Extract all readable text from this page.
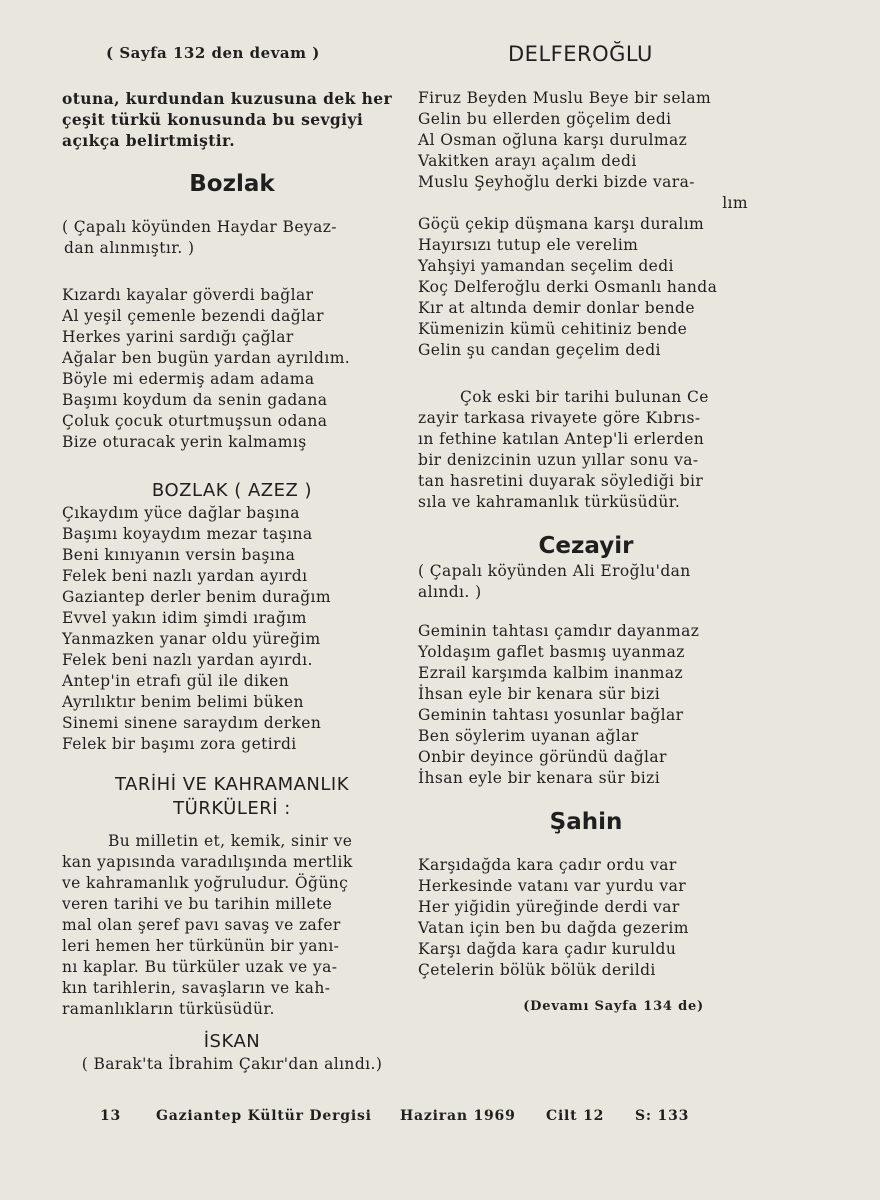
( Sayfa 132 den devam )	DELFEROĞLU
otuna, kurdundan kuzusuna dek her
çeşit türkü konusunda bu sevgiyi
açıkça belirtmiştir.
Bozlak
( Çapalı köyünden Haydar Beyaz-
dan alınmıştır. )
Kızardı kayalar göverdi bağlar
Al yeşil çemenle bezendi dağlar
Herkes yarini sardığı çağlar
Ağalar ben bugün yardan ayrıldım.
Böyle mi edermiş adam adama
Başımı koydum da senin gadana
Çoluk çocuk oturtmuşsun odana
Bize oturacak yerin kalmamış
BOZLAK ( AZEZ )
Çıkaydım yüce dağlar başına
Başımı koyaydım mezar taşına
Beni kınıyanın versin başına
Felek beni nazlı yardan ayırdı
Gaziantep derler benim durağım
Evvel yakın idim şimdi ırağım
Yanmazken yanar oldu yüreğim
Felek beni nazlı yardan ayırdı.
Antep'in etrafı gül ile diken
Ayrılıktır benim belimi büken
Sinemi sinene saraydım derken
Felek bir başımı zora getirdi
TARİHİ VE KAHRAMANLIK
TÜRKÜLERİ :
Bu milletin et, kemik, sinir ve
kan yapısında varadılışında mertlik
ve kahramanlık yoğruludur. Öğünç
veren tarihi ve bu tarihin millete
mal olan şeref pavı savaş ve zafer
leri hemen her türkünün bir yanı-
nı kaplar. Bu türküler uzak ve ya-
kın tarihlerin, savaşların ve kah-
ramanlıkların türküsüdür.
İSKAN
( Barak'ta İbrahim Çakır'dan alındı.)
Firuz Beyden Muslu Beye bir selam
Gelin bu ellerden göçelim dedi
Al Osman oğluna karşı durulmaz
Vakitken arayı açalım dedi
Muslu Şeyhoğlu derki bizde vara-
lım
Göçü çekip düşmana karşı duralım
Hayırsızı tutup ele verelim
Yahşiyi yamandan seçelim dedi
Koç Delferoğlu derki Osmanlı handa
Kır at altında demir donlar bende
Kümenizin kümü cehitiniz bende
Gelin şu candan geçelim dedi
Çok eski bir tarihi bulunan Ce
zayir tarkasa rivayete göre Kıbrıs-
ın fethine katılan Antep'li erlerden
bir denizcinin uzun yıllar sonu va-
tan hasretini duyarak söylediği bir
sıla ve kahramanlık türküsüdür.
Cezayir
( Çapalı köyünden Ali Eroğlu'dan
alındı. )
Geminin tahtası çamdır dayanmaz
Yoldaşım gaflet basmış uyanmaz
Ezrail karşımda kalbim inanmaz
İhsan eyle bir kenara sür bizi
Geminin tahtası yosunlar bağlar
Ben söylerim uyanan ağlar
Onbir deyince göründü dağlar
İhsan eyle bir kenara sür bizi
Şahin
Karşıdağda kara çadır ordu var
Herkesinde vatanı var yurdu var
Her yiğidin yüreğinde derdi var
Vatan için ben bu dağda gezerim
Karşı dağda kara çadır kuruldu
Çetelerin bölük bölük derildi
(Devamı Sayfa 134 de)
13 Gaziantep Kültür Dergisi Haziran 1969 Cilt 12 S: 133
